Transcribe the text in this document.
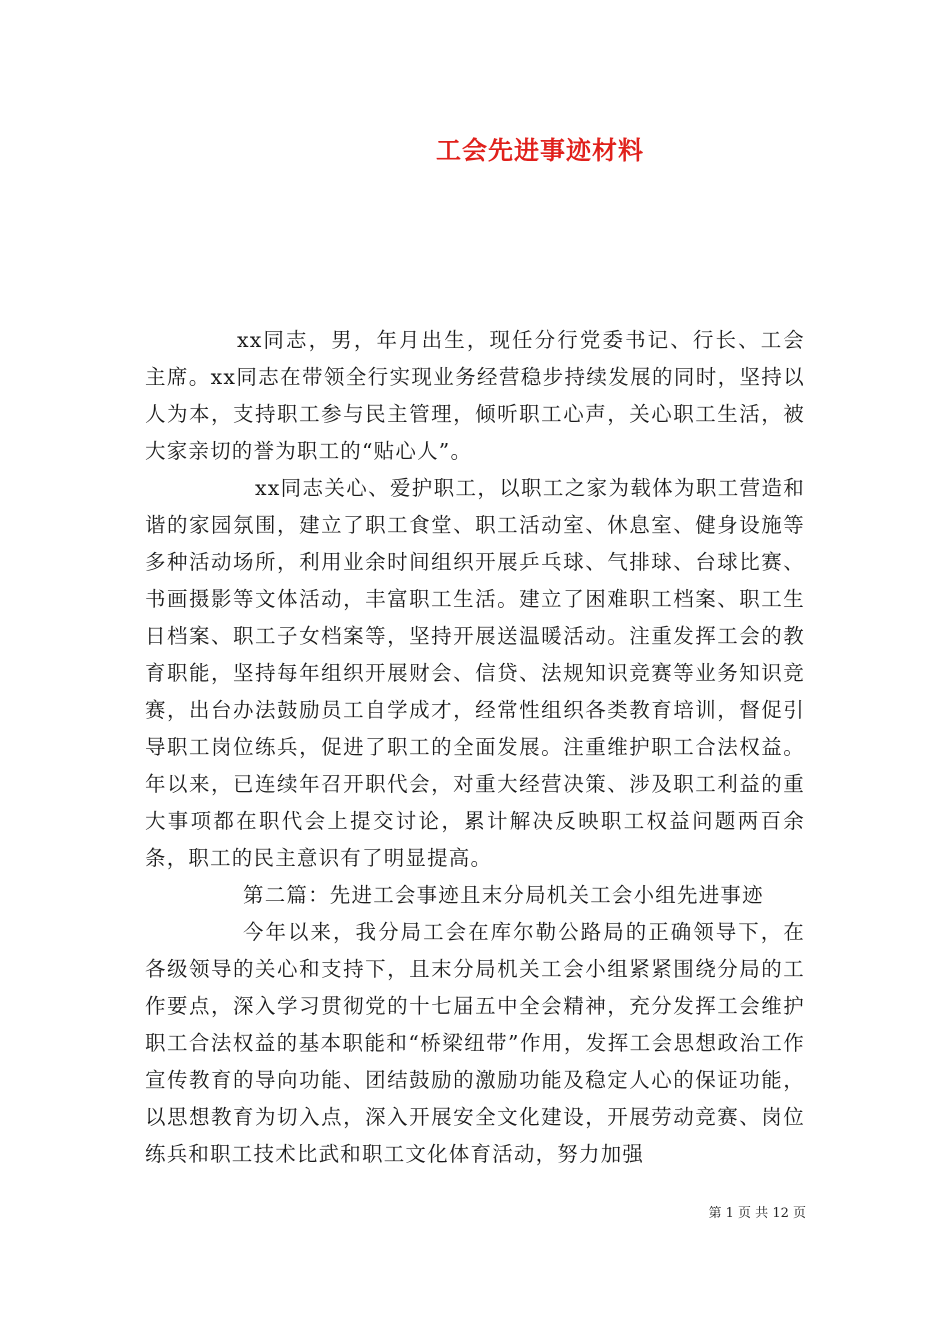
工会先进事迹材料

xx同志，男，年月出生，现任分行党委书记、行长、工会主席。xx同志在带领全行实现业务经营稳步持续发展的同时，坚持以人为本，支持职工参与民主管理，倾听职工心声，关心职工生活，被大家亲切的誉为职工的“贴心人”。

xx同志关心、爱护职工，以职工之家为载体为职工营造和谐的家园氛围，建立了职工食堂、职工活动室、休息室、健身设施等多种活动场所，利用业余时间组织开展乒乓球、气排球、台球比赛、书画摄影等文体活动，丰富职工生活。建立了困难职工档案、职工生日档案、职工子女档案等，坚持开展送温暖活动。注重发挥工会的教育职能，坚持每年组织开展财会、信贷、法规知识竞赛等业务知识竞赛，出台办法鼓励员工自学成才，经常性组织各类教育培训，督促引导职工岗位练兵，促进了职工的全面发展。注重维护职工合法权益。年以来，已连续年召开职代会，对重大经营决策、涉及职工利益的重大事项都在职代会上提交讨论，累计解决反映职工权益问题两百余条，职工的民主意识有了明显提高。

第二篇：先进工会事迹且末分局机关工会小组先进事迹

今年以来，我分局工会在库尔勒公路局的正确领导下，在各级领导的关心和支持下，且末分局机关工会小组紧紧围绕分局的工作要点，深入学习贯彻党的十七届五中全会精神，充分发挥工会维护职工合法权益的基本职能和“桥梁纽带”作用，发挥工会思想政治工作宣传教育的导向功能、团结鼓励的激励功能及稳定人心的保证功能，以思想教育为切入点，深入开展安全文化建设，开展劳动竞赛、岗位练兵和职工技术比武和职工文化体育活动，努力加强

第 1 页 共 12 页
